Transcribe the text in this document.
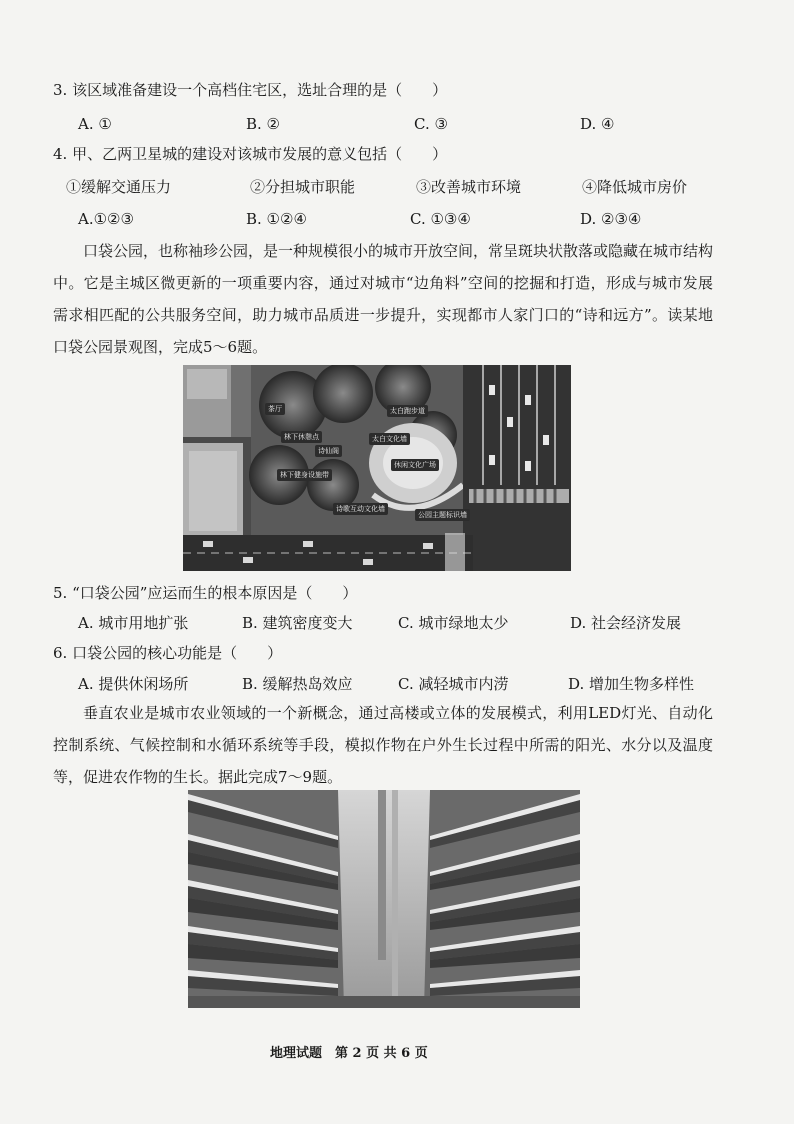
3. 该区域准备建设一个高档住宅区，选址合理的是（　　）
A. ①	B. ②	C. ③	D. ④
4. 甲、乙两卫星城的建设对该城市发展的意义包括（　　）
①缓解交通压力	②分担城市职能	③改善城市环境	④降低城市房价
A.①②③	B. ①②④	C. ①③④	D. ②③④

口袋公园，也称袖珍公园，是一种规模很小的城市开放空间，常呈斑块状散落或隐藏在城市结构中。它是主城区微更新的一项重要内容，通过对城市“边角料”空间的挖掘和打造，形成与城市发展需求相匹配的公共服务空间，助力城市品质进一步提升，实现都市人家门口的“诗和远方”。读某地口袋公园景观图，完成5～6题。

茶厅
林下休憩点
诗仙阁
林下健身设施带
太白跑步道
太白文化墙
休闲文化广场
诗歌互动文化墙
公园主题标识墙
5. “口袋公园”应运而生的根本原因是（　　）
A. 城市用地扩张	B. 建筑密度变大	C. 城市绿地太少	D. 社会经济发展
6. 口袋公园的核心功能是（　　）
A. 提供休闲场所	B. 缓解热岛效应	C. 减轻城市内涝	D. 增加生物多样性

垂直农业是城市农业领域的一个新概念，通过高楼或立体的发展模式，利用LED灯光、自动化控制系统、气候控制和水循环系统等手段，模拟作物在户外生长过程中所需的阳光、水分以及温度等，促进农作物的生长。据此完成7～9题。

地理试题　第 2 页 共 6 页
